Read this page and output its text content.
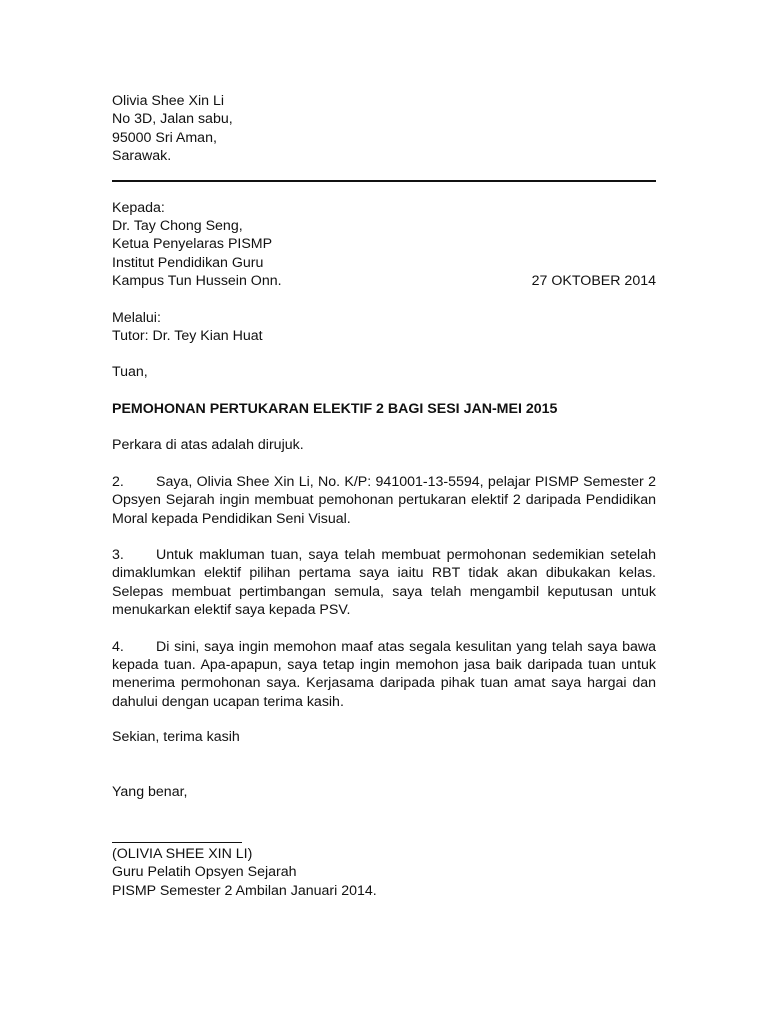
Olivia Shee Xin Li
No 3D, Jalan sabu,
95000 Sri Aman,
Sarawak.
Kepada:
Dr. Tay Chong Seng,
Ketua Penyelaras PISMP
Institut Pendidikan Guru
Kampus Tun Hussein Onn.	27 OKTOBER 2014
Melalui:
Tutor: Dr. Tey Kian Huat
Tuan,
PEMOHONAN PERTUKARAN ELEKTIF 2 BAGI SESI JAN-MEI 2015
Perkara di atas adalah dirujuk.
2. Saya, Olivia Shee Xin Li, No. K/P: 941001-13-5594, pelajar PISMP Semester 2 Opsyen Sejarah ingin membuat pemohonan pertukaran elektif 2 daripada Pendidikan Moral kepada Pendidikan Seni Visual.
3. Untuk makluman tuan, saya telah membuat permohonan sedemikian setelah dimaklumkan elektif pilihan pertama saya iaitu RBT tidak akan dibukakan kelas. Selepas membuat pertimbangan semula, saya telah mengambil keputusan untuk menukarkan elektif saya kepada PSV.
4. Di sini, saya ingin memohon maaf atas segala kesulitan yang telah saya bawa kepada tuan. Apa-apapun, saya tetap ingin memohon jasa baik daripada tuan untuk menerima permohonan saya. Kerjasama daripada pihak tuan amat saya hargai dan dahului dengan ucapan terima kasih.
Sekian, terima kasih
Yang benar,
(OLIVIA SHEE XIN LI)
Guru Pelatih Opsyen Sejarah
PISMP Semester 2 Ambilan Januari 2014.
